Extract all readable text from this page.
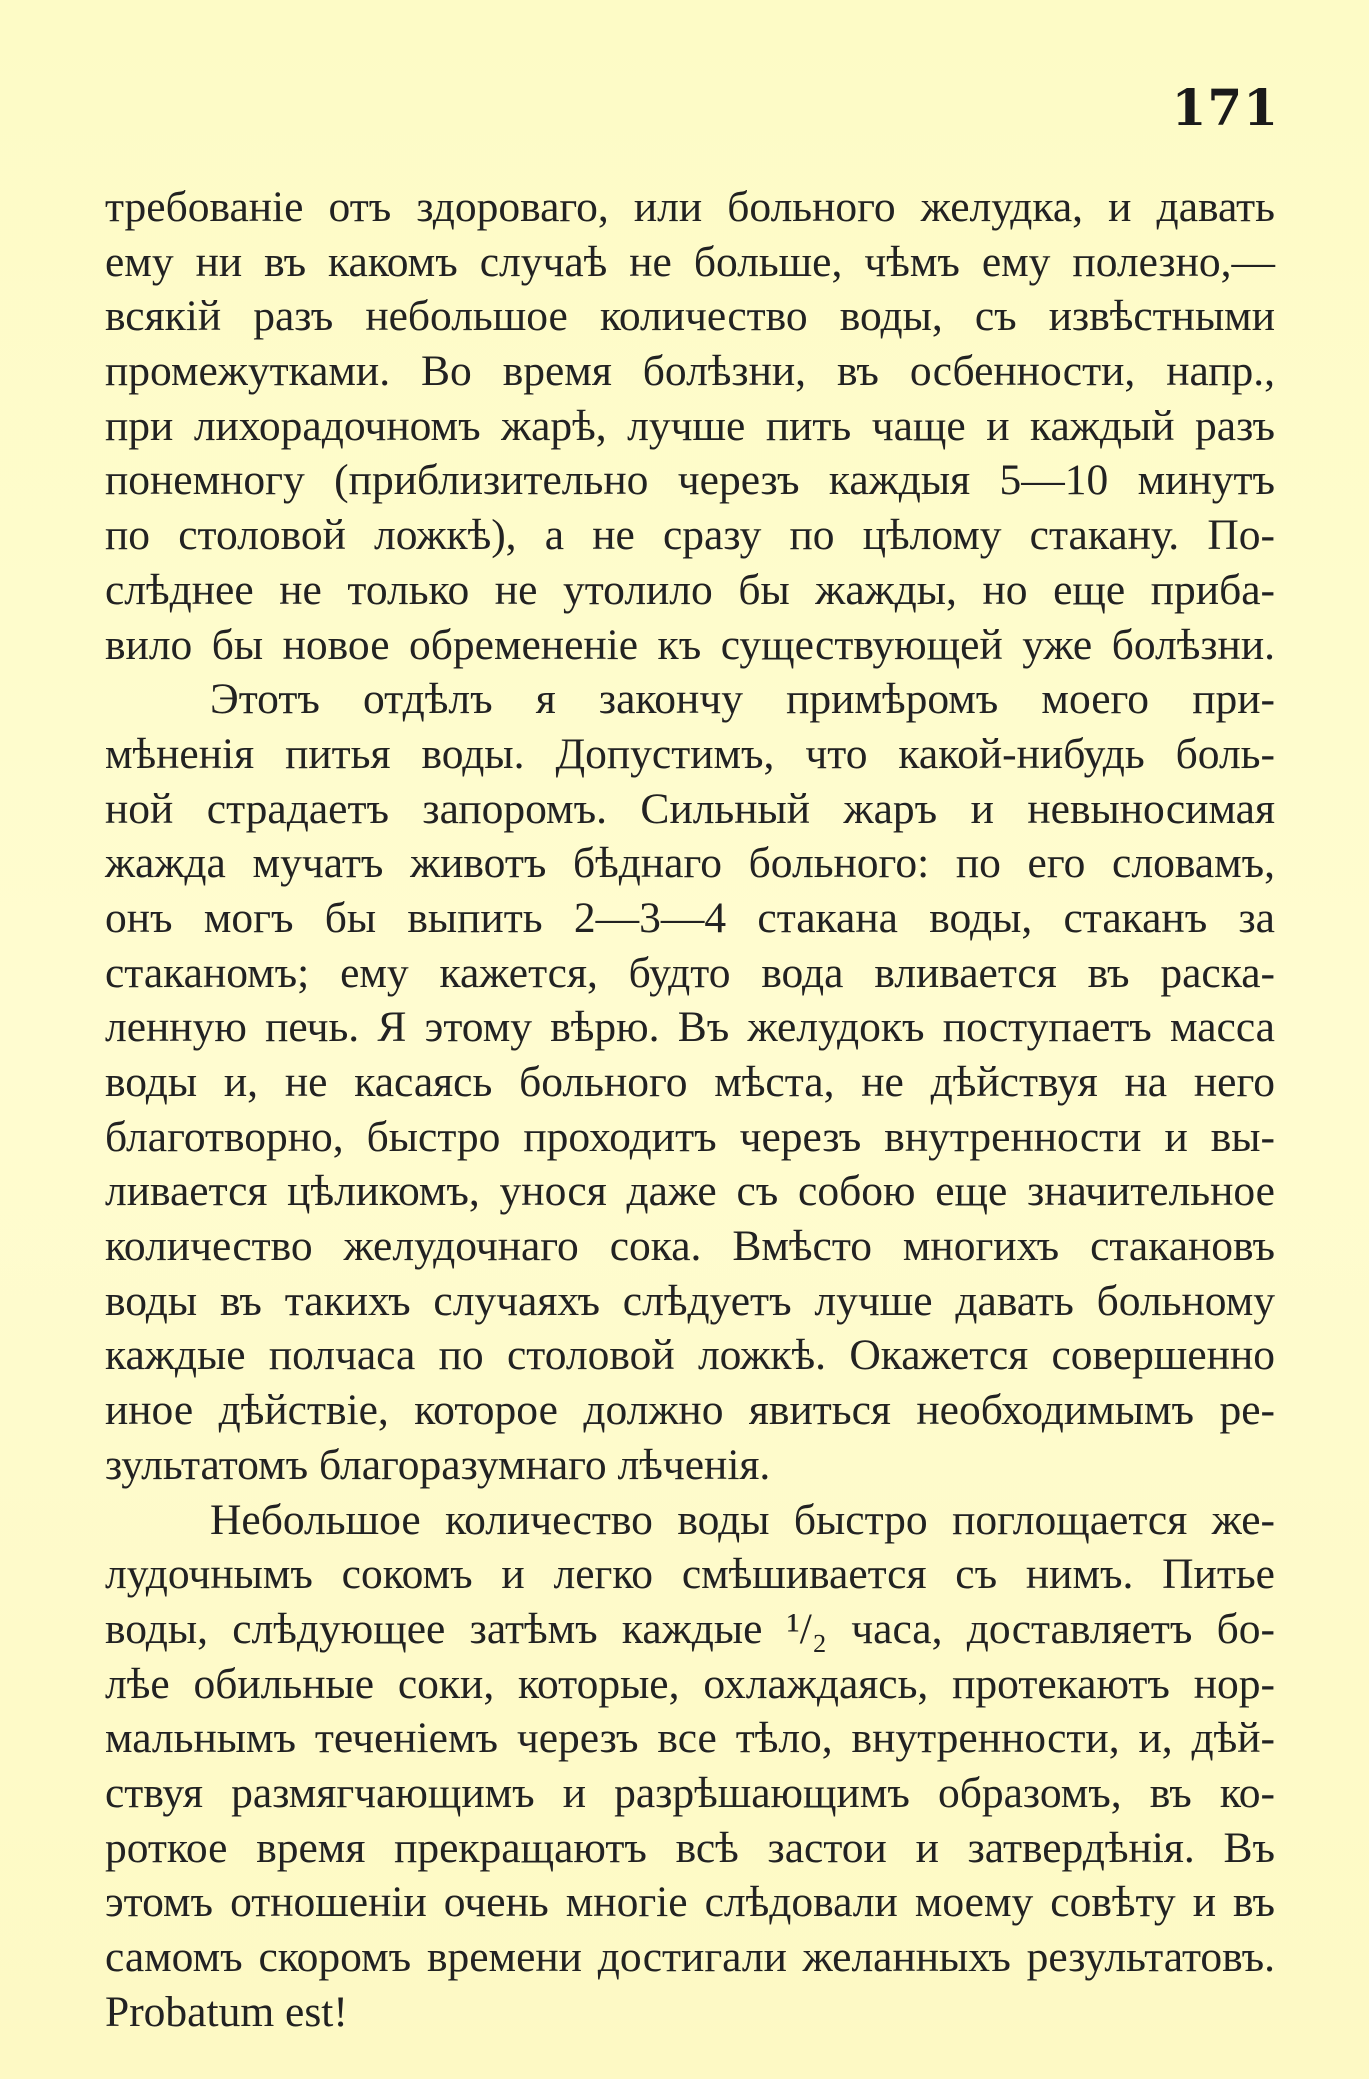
171
требованіе отъ здороваго, или больного желудка, и давать
ему ни въ какомъ случаѣ не больше, чѣмъ ему полезно,—
всякій разъ небольшое количество воды, съ извѣстными
промежутками. Во время болѣзни, въ осбенности, напр.,
при лихорадочномъ жарѣ, лучше пить чаще и каждый разъ
понемногу (приблизительно черезъ каждыя 5—10 минутъ
по столовой ложкѣ), а не сразу по цѣлому стакану. По-
слѣднее не только не утолило бы жажды, но еще приба-
вило бы новое обремененіе къ существующей уже болѣзни.
Этотъ отдѣлъ я закончу примѣромъ моего при-
мѣненія питья воды. Допустимъ, что какой-нибудь боль-
ной страдаетъ запоромъ. Сильный жаръ и невыносимая
жажда мучатъ животъ бѣднаго больного: по его словамъ,
онъ могъ бы выпить 2—3—4 стакана воды, стаканъ за
стаканомъ; ему кажется, будто вода вливается въ раска-
ленную печь. Я этому вѣрю. Въ желудокъ поступаетъ масса
воды и, не касаясь больного мѣста, не дѣйствуя на него
благотворно, быстро проходитъ черезъ внутренности и вы-
ливается цѣликомъ, унося даже съ собою еще значительное
количество желудочнаго сока. Вмѣсто многихъ стакановъ
воды въ такихъ случаяхъ слѣдуетъ лучше давать больному
каждые полчаса по столовой ложкѣ. Окажется совершенно
иное дѣйствіе, которое должно явиться необходимымъ ре-
зультатомъ благоразумнаго лѣченія.
Небольшое количество воды быстро поглощается же-
лудочнымъ сокомъ и легко смѣшивается съ нимъ. Питье
воды, слѣдующее затѣмъ каждые ¹/₂ часа, доставляетъ бо-
лѣе обильные соки, которые, охлаждаясь, протекаютъ нор-
мальнымъ теченіемъ черезъ все тѣло, внутренности, и, дѣй-
ствуя размягчающимъ и разрѣшающимъ образомъ, въ ко-
роткое время прекращаютъ всѣ застои и затвердѣнія. Въ
этомъ отношеніи очень многіе слѣдовали моему совѣту и въ
самомъ скоромъ времени достигали желанныхъ результатовъ.
Probatum est!
